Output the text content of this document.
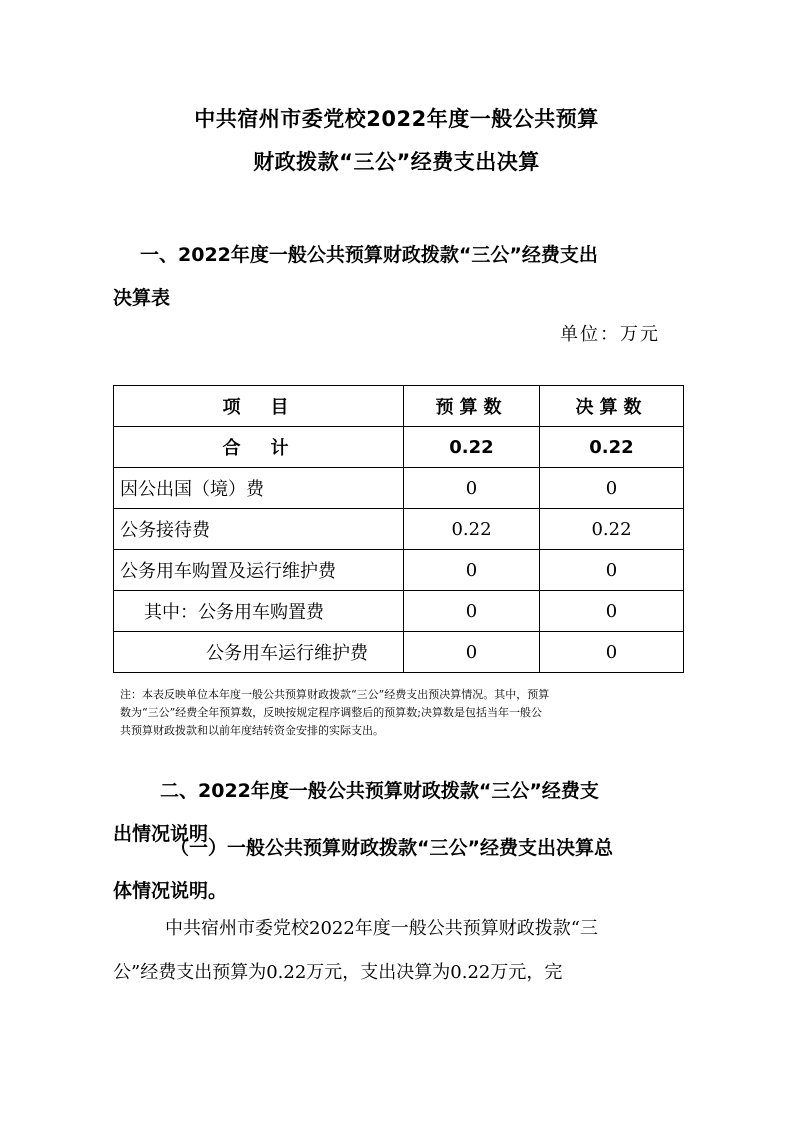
中共宿州市委党校2022年度一般公共预算
财政拨款“三公”经费支出决算
一、2022年度一般公共预算财政拨款“三公”经费支出
决算表
单位：万元
项　目	预算数	决算数
合　计	0.22	0.22
因公出国（境）费	0	0
公务接待费	0.22	0.22
公务用车购置及运行维护费	0	0
其中：公务用车购置费	0	0
公务用车运行维护费	0	0
注：本表反映单位本年度一般公共预算财政拨款“三公”经费支出预决算情况。其中，预算
数为“三公”经费全年预算数，反映按规定程序调整后的预算数;决算数是包括当年一般公
共预算财政拨款和以前年度结转资金安排的实际支出。
二、2022年度一般公共预算财政拨款“三公”经费支
出情况说明
（一）一般公共预算财政拨款“三公”经费支出决算总
体情况说明。
中共宿州市委党校2022年度一般公共预算财政拨款“三
公”经费支出预算为0.22万元，支出决算为0.22万元，完
